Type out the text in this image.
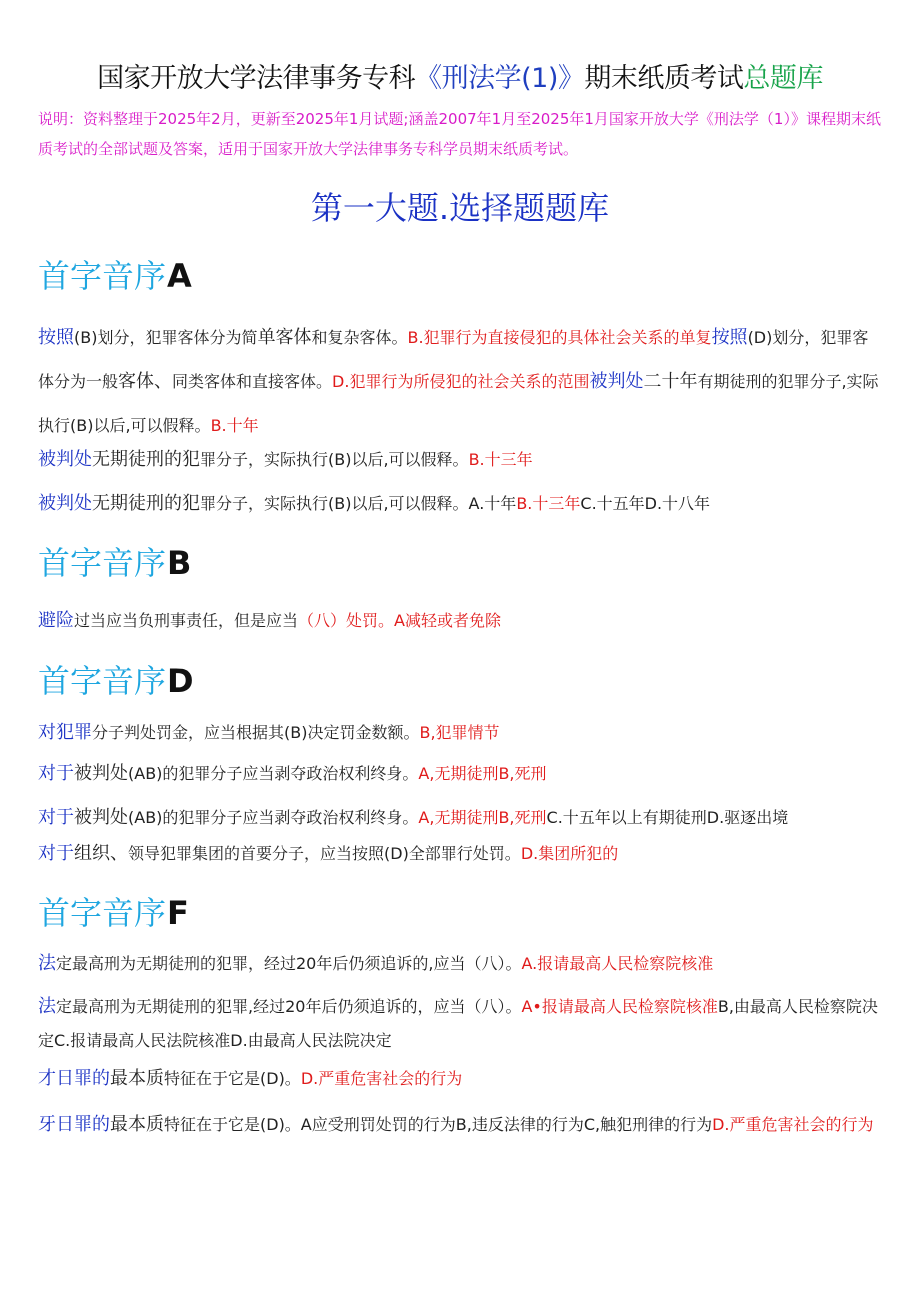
国家开放大学法律事务专科《刑法学(1)》期末纸质考试总题库
说明：资料整理于2025年2月，更新至2025年1月试题;涵盖2007年1月至2025年1月国家开放大学《刑法学（1）》课程期末纸质考试的全部试题及答案，适用于国家开放大学法律事务专科学员期末纸质考试。
第一大题.选择题题库
首字音序A
按照(B)划分，犯罪客体分为简单客体和复杂客体。B.犯罪行为直接侵犯的具体社会关系的单复按照(D)划分，犯罪客体分为一般客体、同类客体和直接客体。D.犯罪行为所侵犯的社会关系的范围被判处二十年有期徒刑的犯罪分子,实际执行(B)以后,可以假释。B.十年
被判处无期徒刑的犯罪分子，实际执行(B)以后,可以假释。B.十三年
被判处无期徒刑的犯罪分子，实际执行(B)以后,可以假释。A.十年B.十三年C.十五年D.十八年
首字音序B
避险过当应当负刑事责任，但是应当（八）处罚。A减轻或者免除
首字音序D
对犯罪分子判处罚金，应当根据其(B)决定罚金数额。B,犯罪情节
对于被判处(AB)的犯罪分子应当剥夺政治权利终身。A,无期徒刑B,死刑
对于被判处(AB)的犯罪分子应当剥夺政治权利终身。A,无期徒刑B,死刑C.十五年以上有期徒刑D.驱逐出境
对于组织、领导犯罪集团的首要分子，应当按照(D)全部罪行处罚。D.集团所犯的
首字音序F
法定最高刑为无期徒刑的犯罪，经过20年后仍须追诉的,应当（八）。A.报请最高人民检察院核准
法定最高刑为无期徒刑的犯罪,经过20年后仍须追诉的，应当（八）。A•报请最高人民检察院核准B,由最高人民检察院决定C.报请最高人民法院核准D.由最高人民法院决定
才日罪的最本质特征在于它是(D)。D.严重危害社会的行为
牙日罪的最本质特征在于它是(D)。A应受刑罚处罚的行为B,违反法律的行为C,触犯刑律的行为D.严重危害社会的行为
